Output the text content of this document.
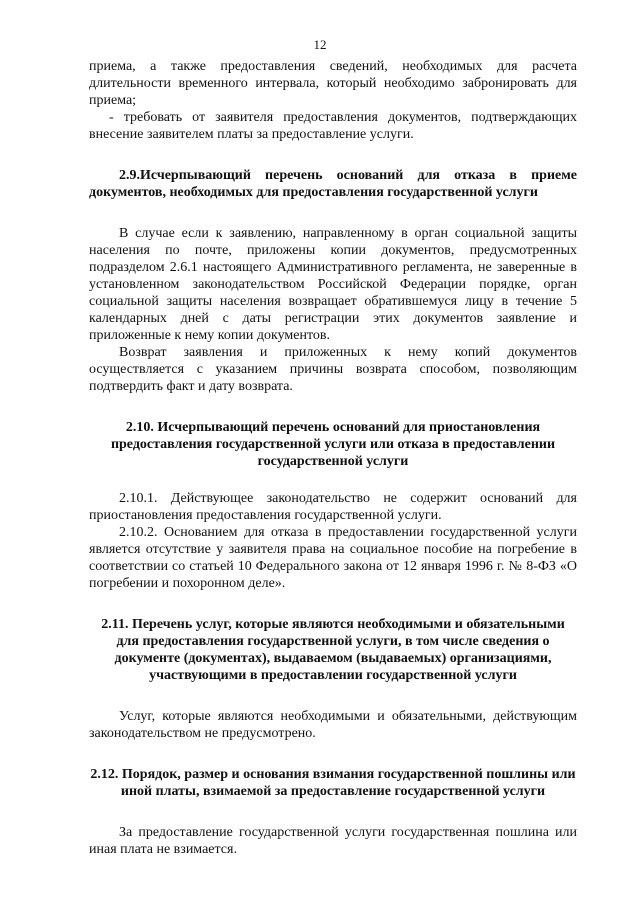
12

приема, а также предоставления сведений, необходимых для расчета длительности временного интервала, который необходимо забронировать для приема;

- требовать от заявителя предоставления документов, подтверждающих внесение заявителем платы за предоставление услуги.

2.9.Исчерпывающий перечень оснований для отказа в приеме документов, необходимых для предоставления государственной услуги

В случае если к заявлению, направленному в орган социальной защиты населения по почте, приложены копии документов, предусмотренных подразделом 2.6.1 настоящего Административного регламента, не заверенные в установленном законодательством Российской Федерации порядке, орган социальной защиты населения возвращает обратившемуся лицу в течение 5 календарных дней с даты регистрации этих документов заявление и приложенные к нему копии документов.

Возврат заявления и приложенных к нему копий документов осуществляется с указанием причины возврата способом, позволяющим подтвердить факт и дату возврата.

2.10. Исчерпывающий перечень оснований для приостановления предоставления государственной услуги или отказа в предоставлении государственной услуги

2.10.1. Действующее законодательство не содержит оснований для приостановления предоставления государственной услуги.

2.10.2. Основанием для отказа в предоставлении государственной услуги является отсутствие у заявителя права на социальное пособие на погребение в соответствии со статьей 10 Федерального закона от 12 января 1996 г. № 8-ФЗ «О погребении и похоронном деле».

2.11. Перечень услуг, которые являются необходимыми и обязательными для предоставления государственной услуги, в том числе сведения о документе (документах), выдаваемом (выдаваемых) организациями, участвующими в предоставлении государственной услуги

Услуг, которые являются необходимыми и обязательными, действующим законодательством не предусмотрено.

2.12. Порядок, размер и основания взимания государственной пошлины или иной платы, взимаемой за предоставление государственной услуги

За предоставление государственной услуги государственная пошлина или иная плата не взимается.
